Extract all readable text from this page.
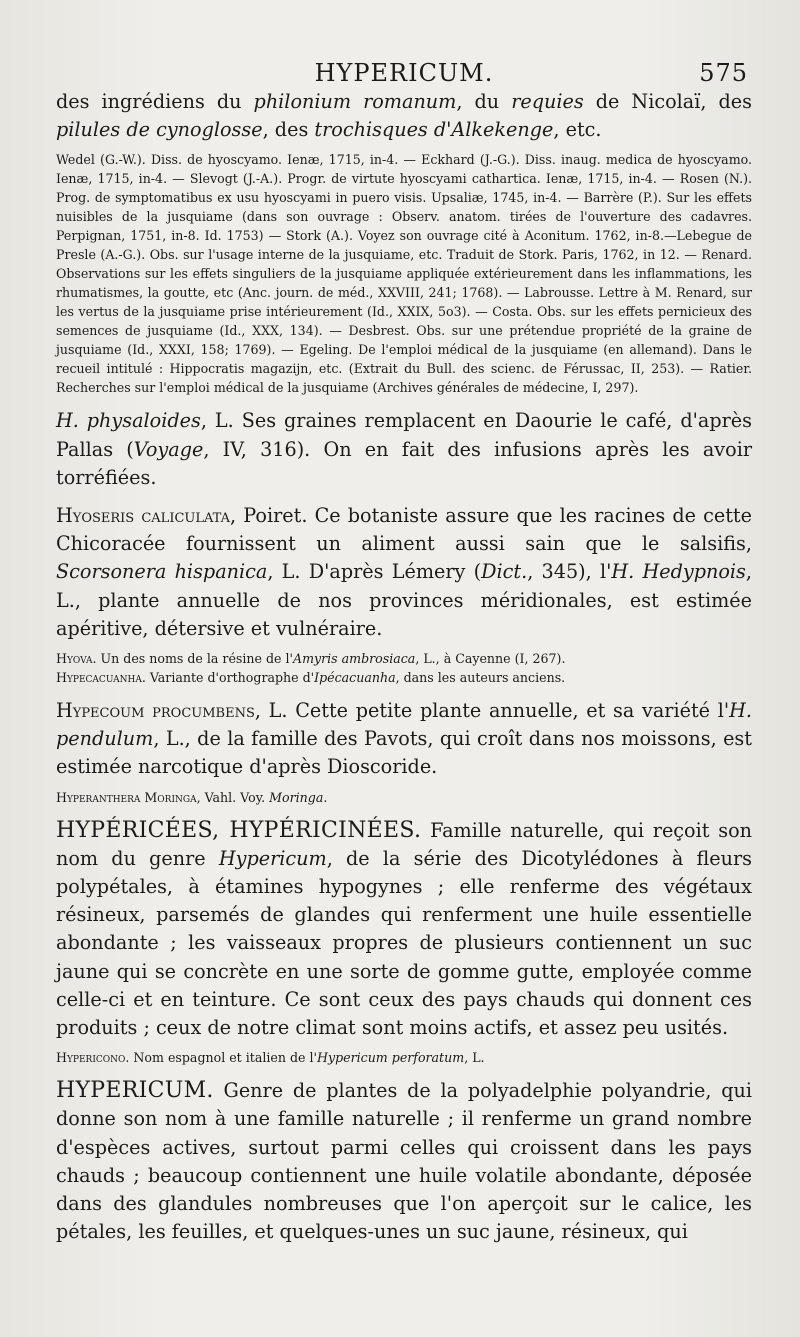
HYPERICUM.	575

des ingrédiens du philonium romanum, du requies de Nicolaï, des pilules de cynoglosse, des trochisques d'Alkekenge, etc.

Wedel (G.-W.). Diss. de hyoscyamo. Ienæ, 1715, in-4. — Eckhard (J.-G.). Diss. inaug. medica de hyoscyamo. Ienæ, 1715, in-4. — Slevogt (J.-A.). Progr. de virtute hyoscyami cathartica. Ienæ, 1715, in-4. — Rosen (N.). Prog. de symptomatibus ex usu hyoscyami in puero visis. Upsaliæ, 1745, in-4. — Barrère (P.). Sur les effets nuisibles de la jusquiame (dans son ouvrage : Observ. anatom. tirées de l'ouverture des cadavres. Perpignan, 1751, in-8. Id. 1753) — Stork (A.). Voyez son ouvrage cité à Aconitum. 1762, in-8.—Lebegue de Presle (A.-G.). Obs. sur l'usage interne de la jusquiame, etc. Traduit de Stork. Paris, 1762, in 12. — Renard. Observations sur les effets singuliers de la jusquiame appliquée extérieurement dans les inflammations, les rhumatismes, la goutte, etc (Anc. journ. de méd., XXVIII, 241; 1768). — Labrousse. Lettre à M. Renard, sur les vertus de la jusquiame prise intérieurement (Id., XXIX, 5o3). — Costa. Obs. sur les effets pernicieux des semences de jusquiame (Id., XXX, 134). — Desbrest. Obs. sur une prétendue propriété de la graine de jusquiame (Id., XXXI, 158; 1769). — Egeling. De l'emploi médical de la jusquiame (en allemand). Dans le recueil intitulé : Hippocratis magazijn, etc. (Extrait du Bull. des scienc. de Férussac, II, 253). — Ratier. Recherches sur l'emploi médical de la jusquiame (Archives générales de médecine, I, 297).

H. physaloides, L. Ses graines remplacent en Daourie le café, d'après Pallas (Voyage, IV, 316). On en fait des infusions après les avoir torréfiées.

Hyoseris caliculata, Poiret. Ce botaniste assure que les racines de cette Chicoracée fournissent un aliment aussi sain que le salsifis, Scorsonera hispanica, L. D'après Lémery (Dict., 345), l'H. Hedypnois, L., plante annuelle de nos provinces méridionales, est estimée apéritive, détersive et vulnéraire.

Hyova. Un des noms de la résine de l'Amyris ambrosiaca, L., à Cayenne (I, 267).

Hypecacuanha. Variante d'orthographe d'Ipécacuanha, dans les auteurs anciens.

Hypecoum procumbens, L. Cette petite plante annuelle, et sa variété l'H. pendulum, L., de la famille des Pavots, qui croît dans nos moissons, est estimée narcotique d'après Dioscoride.

Hyperanthera Moringa, Vahl. Voy. Moringa.

HYPÉRICÉES, HYPÉRICINÉES. Famille naturelle, qui reçoit son nom du genre Hypericum, de la série des Dicotylédones à fleurs polypétales, à étamines hypogynes ; elle renferme des végétaux résineux, parsemés de glandes qui renferment une huile essentielle abondante ; les vaisseaux propres de plusieurs contiennent un suc jaune qui se concrète en une sorte de gomme gutte, employée comme celle-ci et en teinture. Ce sont ceux des pays chauds qui donnent ces produits ; ceux de notre climat sont moins actifs, et assez peu usités.

Hypericono. Nom espagnol et italien de l'Hypericum perforatum, L.

HYPERICUM. Genre de plantes de la polyadelphie polyandrie, qui donne son nom à une famille naturelle ; il renferme un grand nombre d'espèces actives, surtout parmi celles qui croissent dans les pays chauds ; beaucoup contiennent une huile volatile abondante, déposée dans des glandules nombreuses que l'on aperçoit sur le calice, les pétales, les feuilles, et quelques-unes un suc jaune, résineux, qui
